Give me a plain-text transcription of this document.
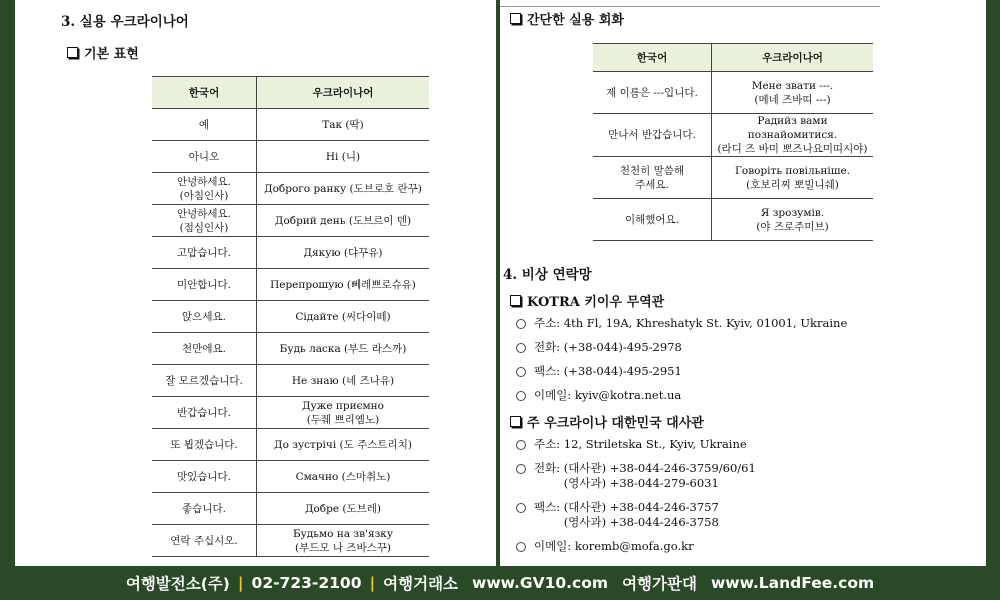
3. 실용 우크라이나어
기본 표현
한국어	우크라이나어
예	Так (딱)
아니오	Hi (니)
안녕하세요.
(아침인사)	Доброго ранку (도브로호 란꾸)
안녕하세요.
(점심인사)	Добрий день (도브르이 덴)
고맙습니다.	Дякую (댜꾸유)
미안합니다.	Перепрошую (뻬레쁘로슈유)
앉으세요.	Сідайте (씨다이떼)
천만에요.	Будь ласка (부드 라스까)
잘 모르겠습니다.	Не знаю (네 즈나유)
반갑습니다.	Дуже приємно
(두줴 쁘리옘노)
또 뵙겠습니다.	До зустрічі (도 주스트리치)
맛있습니다.	Смачно (스마취노)
좋습니다.	Добре (도브레)
연락 주십시오.	Будьмо на зв'язку
(부드모 나 즈바스꾸)
간단한 실용 회화
한국어	우크라이나어
제 이름은 ---입니다.	Мене звати ---.
(메네 즈바띠 ---)
만나서 반갑습니다.	Радийз вами познайомитися.
(라디 즈 바미 뽀즈나요미띠시야)
천천히 말씀해
주세요.	Говоріть повільніше.
(호보리찌 뽀빌니쉐)
이해했어요.	Я зрозумів.
(야 즈로주미브)
4. 비상 연락망
KOTRA 키이우 무역관
주소: 4th Fl, 19A, Khreshatyk St. Kyiv, 01001, Ukraine
전화: (+38-044)-495-2978
팩스: (+38-044)-495-2951
이메일: kyiv@kotra.net.ua
주 우크라이나 대한민국 대사관
주소: 12, Striletska St., Kyiv, Ukraine
전화: (대사관) +38-044-246-3759/60/61
(영사과) +38-044-279-6031
팩스: (대사관) +38-044-246-3757
(영사과) +38-044-246-3758
이메일: koremb@mofa.go.kr
여행발전소(주) | 02-723-2100 | 여행거래소 www.GV10.com 여행가판대 www.LandFee.com
